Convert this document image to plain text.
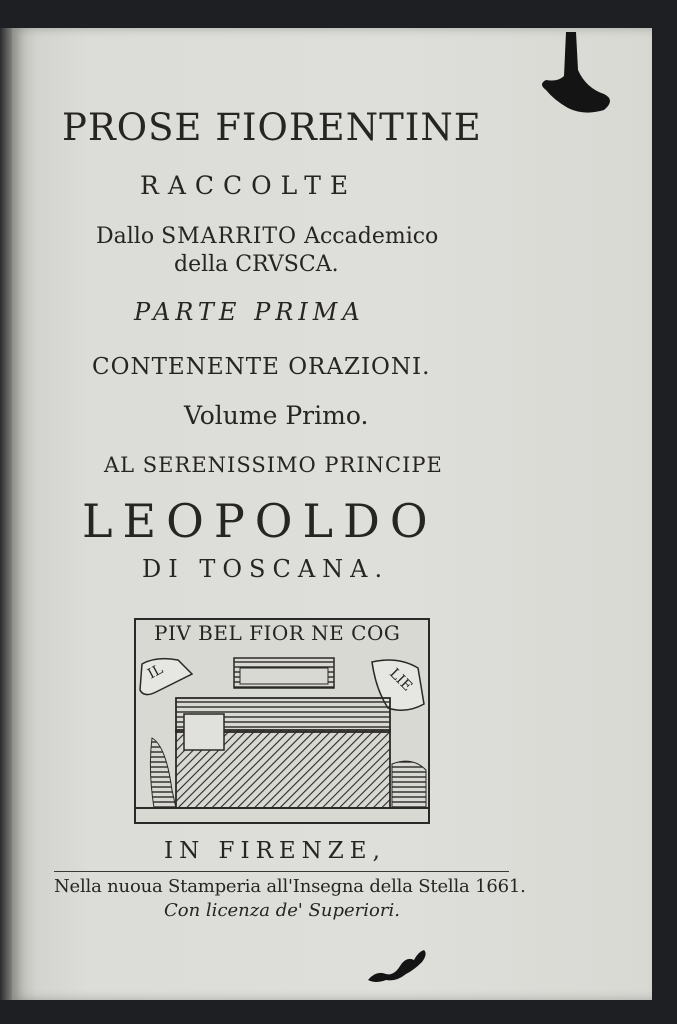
PROSE FIORENTINE
RACCOLTE
Dallo SMARRITO Accademico
della CRVSCA.
PARTE PRIMA
CONTENENTE ORAZIONI.
Volume Primo.
AL SERENISSIMO PRINCIPE
LEOPOLDO
DI TOSCANA.
PIV BEL FIOR NE COG
IL	LIE
IN FIRENZE,
Nella nuoua Stamperia all'Insegna della Stella 1661.
Con licenza de' Superiori.
